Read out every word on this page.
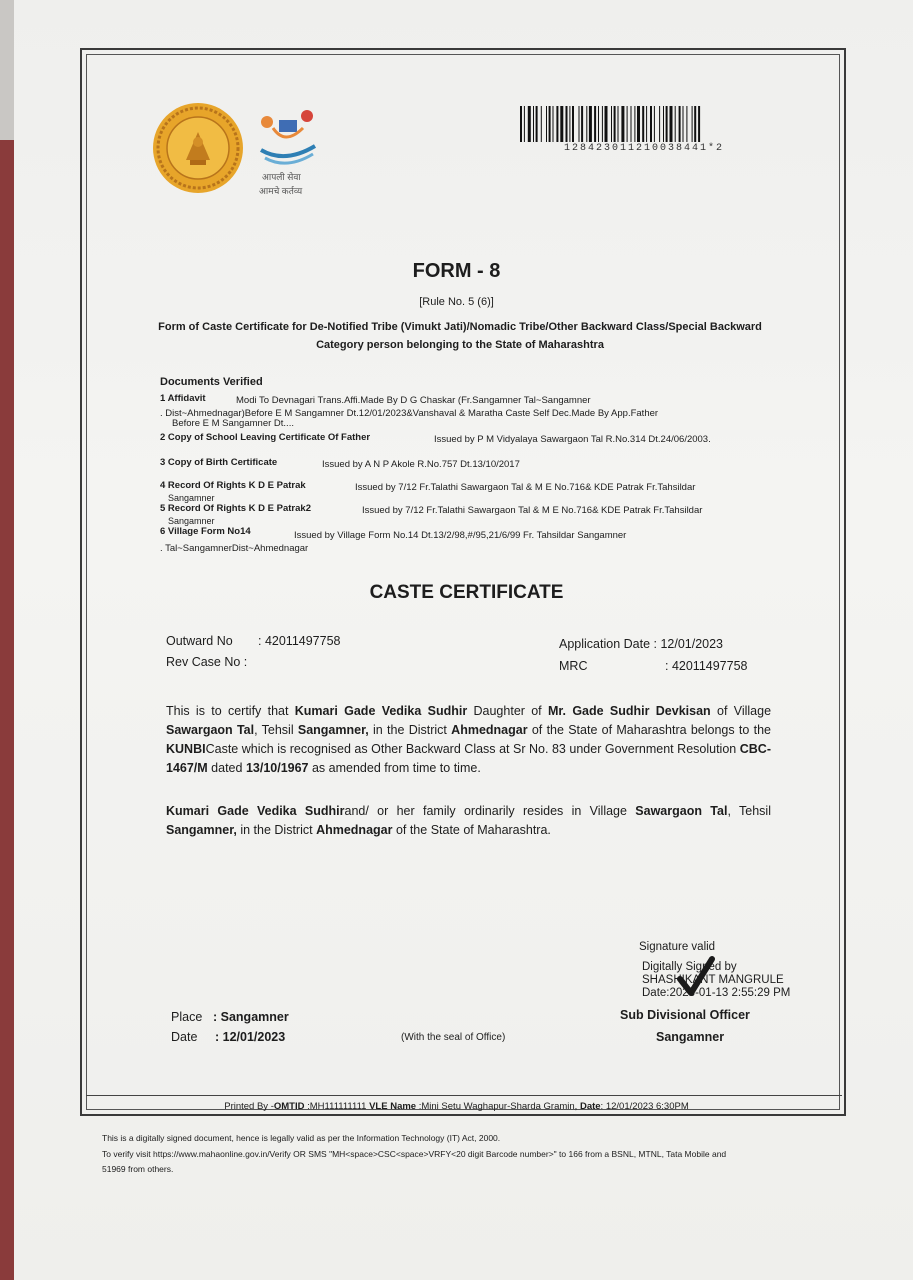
आपली सेवा
आमचे कर्तव्य
128423011210038441*2
FORM - 8
[Rule No. 5 (6)]
Form of Caste Certificate for De-Notified Tribe (Vimukt Jati)/Nomadic Tribe/Other Backward Class/Special Backward Category person belonging to the State of Maharashtra
Documents Verified
1 Affidavit	Modi To Devnagari Trans.Affi.Made By D G Chaskar (Fr.Sangamner Tal~Sangamner
. Dist~Ahmednagar)Before E M Sangamner Dt.12/01/2023&Vanshaval & Maratha Caste Self Dec.Made By App.Father
Before E M Sangamner Dt....
2 Copy of School Leaving Certificate Of Father	Issued by P M Vidyalaya Sawargaon Tal R.No.314 Dt.24/06/2003.
3 Copy of Birth Certificate	Issued by A N P Akole R.No.757 Dt.13/10/2017
4 Record Of Rights K D E Patrak	Issued by 7/12 Fr.Talathi Sawargaon Tal & M E No.716& KDE Patrak Fr.Tahsildar
Sangamner
5 Record Of Rights K D E Patrak2	Issued by 7/12 Fr.Talathi Sawargaon Tal & M E No.716& KDE Patrak Fr.Tahsildar
Sangamner
6 Village Form No14	Issued by Village Form No.14 Dt.13/2/98,#/95,21/6/99 Fr. Tahsildar Sangamner
. Tal~SangamnerDist~Ahmednagar
CASTE CERTIFICATE
Outward No : 42011497758
Rev Case No :
Application Date : 12/01/2023
MRC	: 42011497758
This is to certify that Kumari Gade Vedika Sudhir Daughter of Mr. Gade Sudhir Devkisan of Village Sawargaon Tal, Tehsil Sangamner, in the District Ahmednagar of the State of Maharashtra belongs to the KUNBICaste which is recognised as Other Backward Class at Sr No. 83 under Government Resolution CBC-1467/M dated 13/10/1967 as amended from time to time.
Kumari Gade Vedika Sudhirand/ or her family ordinarily resides in Village Sawargaon Tal, Tehsil Sangamner, in the District Ahmednagar of the State of Maharashtra.
Signature valid
Digitally Signed by
SHASHIKANT MANGRULE
Date:2023-01-13 2:55:29 PM
Place : Sangamner
Date : 12/01/2023	(With the seal of Office)
Sub Divisional Officer
Sangamner
Printed By -OMTID :MH111111111 VLE Name :Mini Setu Waghapur-Sharda Gramin, Date: 12/01/2023 6:30PM
This is a digitally signed document, hence is legally valid as per the Information Technology (IT) Act, 2000.
To verify visit https://www.mahaonline.gov.in/Verify OR SMS "MH<space>CSC<space>VRFY<20 digit Barcode number>" to 166 from a BSNL, MTNL, Tata Mobile and
51969 from others.
